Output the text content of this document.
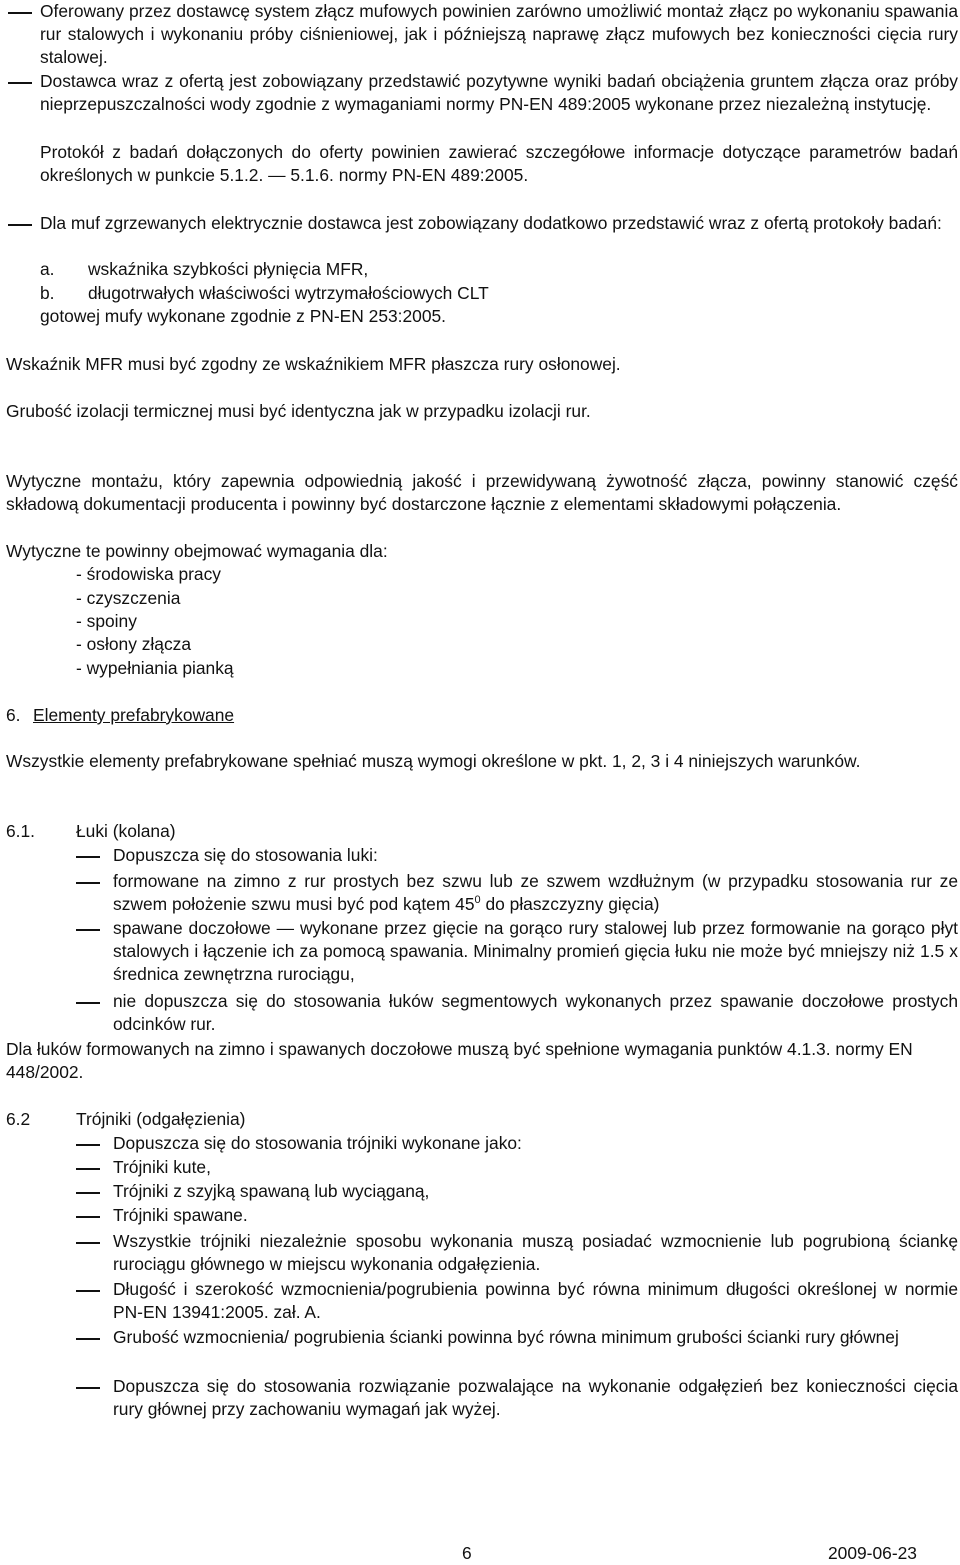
Oferowany przez dostawcę system złącz mufowych powinien zarówno umożliwić montaż złącz po wykonaniu spawania rur stalowych i wykonaniu próby ciśnieniowej, jak i późniejszą naprawę złącz mufowych bez konieczności cięcia rury stalowej.
Dostawca wraz z ofertą jest zobowiązany przedstawić pozytywne wyniki badań obciążenia gruntem złącza oraz próby nieprzepuszczalności wody zgodnie z wymaganiami normy PN-EN 489:2005 wykonane przez niezależną instytucję.
Protokół z badań dołączonych do oferty powinien zawierać szczegółowe informacje dotyczące parametrów badań określonych w punkcie 5.1.2. — 5.1.6. normy PN-EN 489:2005.
Dla muf zgrzewanych elektrycznie dostawca jest zobowiązany dodatkowo przedstawić wraz z ofertą protokoły badań:
a. wskaźnika szybkości płynięcia MFR,
b. długotrwałych właściwości wytrzymałościowych CLT
gotowej mufy wykonane zgodnie z PN-EN 253:2005.
Wskaźnik MFR musi być zgodny ze wskaźnikiem MFR płaszcza rury osłonowej.
Grubość izolacji termicznej musi być identyczna jak w przypadku izolacji rur.
Wytyczne montażu, który zapewnia odpowiednią jakość i przewidywaną żywotność złącza, powinny stanowić część składową dokumentacji producenta i powinny być dostarczone łącznie z elementami składowymi połączenia.
Wytyczne te powinny obejmować wymagania dla:
- środowiska pracy
- czyszczenia
- spoiny
- osłony złącza
- wypełniania pianką
6. Elementy prefabrykowane
Wszystkie elementy prefabrykowane spełniać muszą wymogi określone w pkt. 1, 2, 3 i 4 niniejszych warunków.
6.1. Łuki (kolana)
Dopuszcza się do stosowania luki:
formowane na zimno z rur prostych bez szwu lub ze szwem wzdłużnym (w przypadku stosowania rur ze szwem położenie szwu musi być pod kątem $45^0$ do płaszczyzny gięcia)
spawane doczołowe — wykonane przez gięcie na gorąco rury stalowej lub przez formowanie na gorąco płyt stalowych i łączenie ich za pomocą spawania. Minimalny promień gięcia łuku nie może być mniejszy niż 1.5 x średnica zewnętrzna rurociągu,
nie dopuszcza się do stosowania łuków segmentowych wykonanych przez spawanie doczołowe prostych odcinków rur.
Dla łuków formowanych na zimno i spawanych doczołowe muszą być spełnione wymagania punktów 4.1.3. normy EN 448/2002.
6.2	Trójniki (odgałęzienia)
Dopuszcza się do stosowania trójniki wykonane jako:
Trójniki kute,
Trójniki z szyjką spawaną lub wyciąganą,
Trójniki spawane.
Wszystkie trójniki niezależnie sposobu wykonania muszą posiadać wzmocnienie lub pogrubioną ściankę rurociągu głównego w miejscu wykonania odgałęzienia.
Długość i szerokość wzmocnienia/pogrubienia powinna być równa minimum długości określonej w normie PN-EN 13941:2005. zał. A.
Grubość wzmocnienia/ pogrubienia ścianki powinna być równa minimum grubości ścianki rury głównej
Dopuszcza się do stosowania rozwiązanie pozwalające na wykonanie odgałęzień bez konieczności cięcia rury głównej przy zachowaniu wymagań jak wyżej.
6	2009-06-23
